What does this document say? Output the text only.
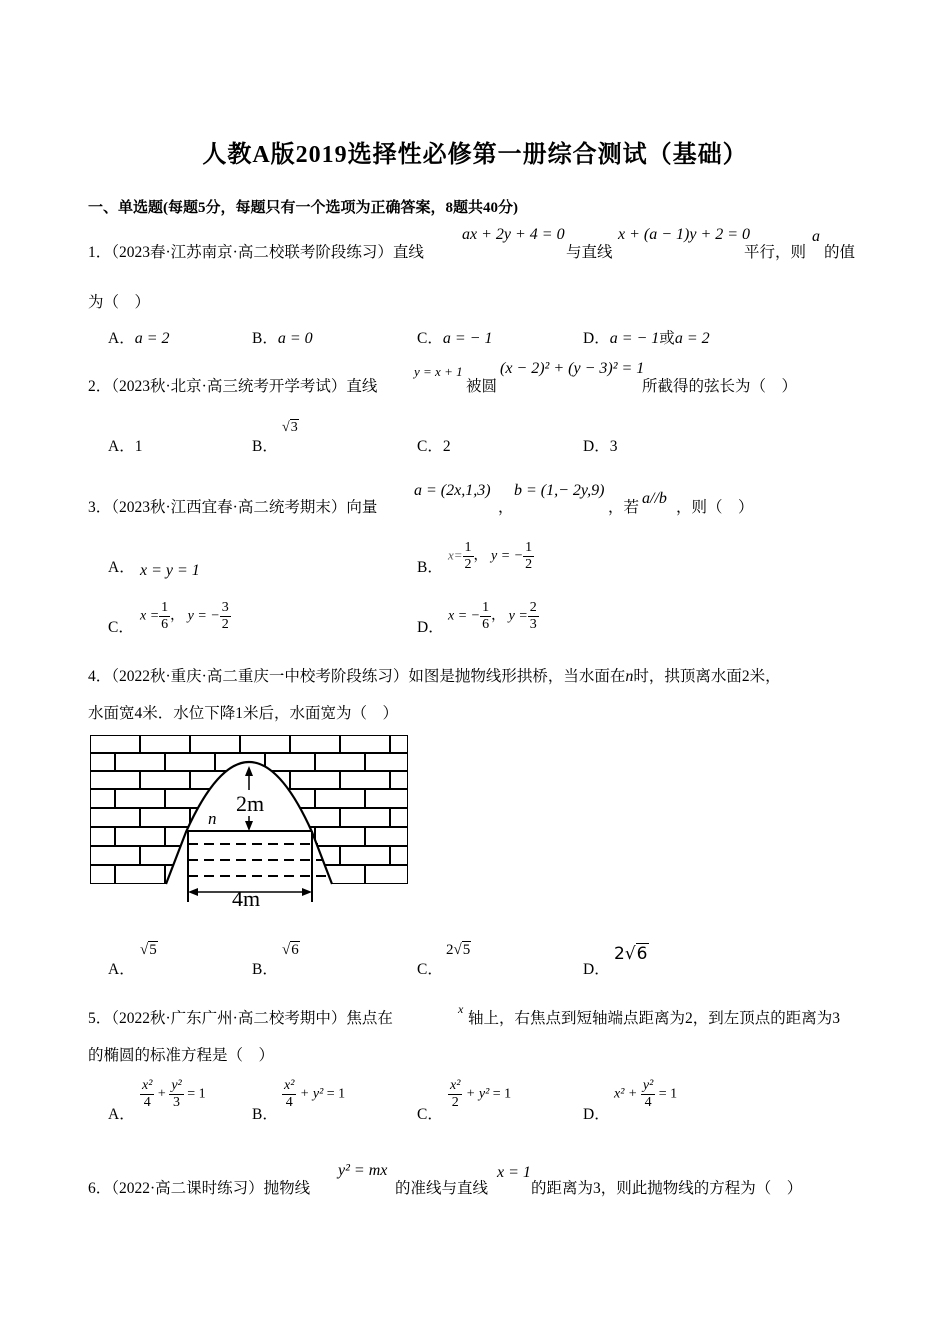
人教A版2019选择性必修第一册综合测试（基础）
一、单选题(每题5分，每题只有一个选项为正确答案，8题共40分)
1．（2023春·江苏南京·高二校联考阶段练习）直线
ax + 2y + 4 = 0
与直线
x + (a − 1)y + 2 = 0
平行，则
a
的值
为（　）
A．a = 2	B．a = 0	C．a = − 1	D．a = − 1或a = 2
2．（2023秋·北京·高三统考开学考试）直线
y = x + 1
被圆
(x − 2)² + (y − 3)² = 1
所截得的弦长为（　）
A．1	B．
√3
C．2	D．3
3．（2023秋·江西宜春·高二统考期末）向量
a = (2x,1,3)
，
b = (1,− 2y,9)
，若
a//b
，则（　）
A． x = y = 1	B．
$x= \frac{1}{2}$ ， y = − $\frac{1}{2}$
C．
$x = \frac{1}{6}$ ， y = − $\frac{3}{2}$	D．
x = − $\frac{1}{6}$ ， $y = \frac{2}{3}$
4．（2022秋·重庆·高二重庆一中校考阶段练习）如图是抛物线形拱桥，当水面在n时，拱顶离水面2米，
水面宽4米．水位下降1米后，水面宽为（　）
2m
n
4m
A．
√5
B．
√6
C．
2√5
D．
2√6
5．（2022秋·广东广州·高二校考期中）焦点在
x
轴上，右焦点到短轴端点距离为2，到左顶点的距离为3
的椭圆的标准方程是（　）
A．
$\frac{\text{x²}}{4} + \frac{\text{y²}}{3} = 1$
B．
$\frac{\text{x²}}{4} + y^2 = 1$
C．
$\frac{\text{x²}}{2} + y^2 = 1$
D．
$x^2 + \frac{\text{y²}}{4} = 1$
6．（2022·高二课时练习）抛物线
y² = mx
的准线与直线
x = 1
的距离为3，则此抛物线的方程为（　）
